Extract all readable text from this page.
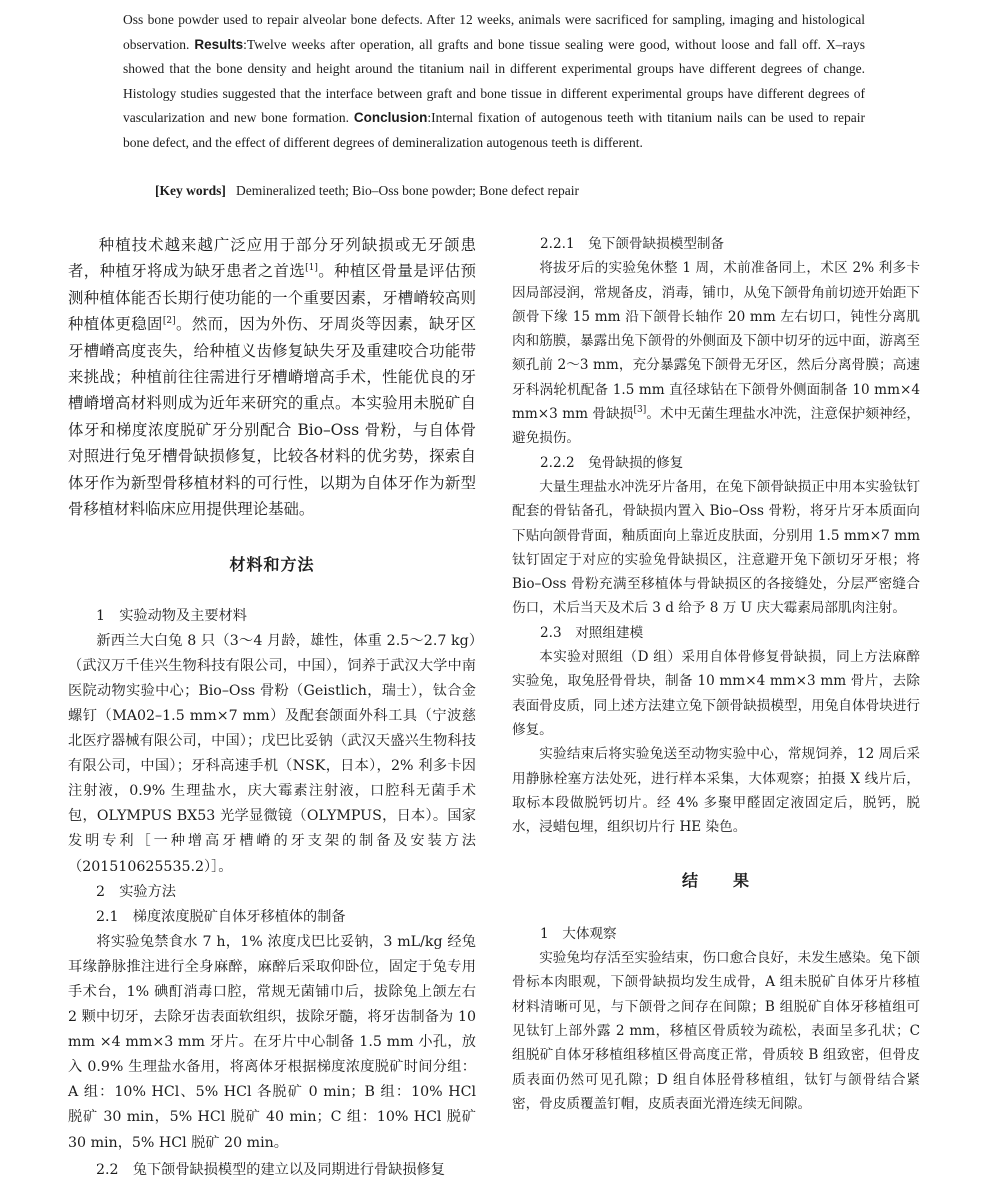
Oss bone powder used to repair alveolar bone defects. After 12 weeks, animals were sacrificed for sampling, imaging and histological observation. Results:Twelve weeks after operation, all grafts and bone tissue sealing were good, without loose and fall off. X–rays showed that the bone density and height around the titanium nail in different experimental groups have different degrees of change. Histology studies suggested that the interface between graft and bone tissue in different experimental groups have different degrees of vascularization and new bone formation. Conclusion:Internal fixation of autogenous teeth with titanium nails can be used to repair bone defect, and the effect of different degrees of demineralization autogenous teeth is different.
[Key words] Demineralized teeth; Bio–Oss bone powder; Bone defect repair

种植技术越来越广泛应用于部分牙列缺损或无牙颌患者，种植牙将成为缺牙患者之首选[1]。种植区骨量是评估预测种植体能否长期行使功能的一个重要因素，牙槽嵴较高则种植体更稳固[2]。然而，因为外伤、牙周炎等因素，缺牙区牙槽嵴高度丧失，给种植义齿修复缺失牙及重建咬合功能带来挑战；种植前往往需进行牙槽嵴增高手术，性能优良的牙槽嵴增高材料则成为近年来研究的重点。本实验用未脱矿自体牙和梯度浓度脱矿牙分别配合 Bio–Oss 骨粉，与自体骨对照进行兔牙槽骨缺损修复，比较各材料的优劣势，探索自体牙作为新型骨移植材料的可行性，以期为自体牙作为新型骨移植材料临床应用提供理论基础。

材料和方法

1　实验动物及主要材料

新西兰大白兔 8 只（3～4 月龄，雄性，体重 2.5～2.7 kg）（武汉万千佳兴生物科技有限公司，中国），饲养于武汉大学中南医院动物实验中心；Bio–Oss 骨粉（Geistlich，瑞士），钛合金螺钉（MA02–1.5 mm×7 mm）及配套颌面外科工具（宁波慈北医疗器械有限公司，中国）；戊巴比妥钠（武汉天盛兴生物科技有限公司，中国）；牙科高速手机（NSK，日本），2% 利多卡因注射液，0.9% 生理盐水，庆大霉素注射液，口腔科无菌手术包，OLYMPUS BX53 光学显微镜（OLYMPUS，日本）。国家发明专利［一种增高牙槽嵴的牙支架的制备及安装方法（201510625535.2）］。

2　实验方法

2.1　梯度浓度脱矿自体牙移植体的制备

将实验兔禁食水 7 h，1% 浓度戊巴比妥钠，3 mL/kg 经兔耳缘静脉推注进行全身麻醉，麻醉后采取仰卧位，固定于兔专用手术台，1% 碘酊消毒口腔，常规无菌铺巾后，拔除兔上颌左右 2 颗中切牙，去除牙齿表面软组织，拔除牙髓，将牙齿制备为 10 mm ×4 mm×3 mm 牙片。在牙片中心制备 1.5 mm 小孔，放入 0.9% 生理盐水备用，将离体牙根据梯度浓度脱矿时间分组：A 组：10% HCl、5% HCl 各脱矿 0 min；B 组：10% HCl 脱矿 30 min，5% HCl 脱矿 40 min；C 组：10% HCl 脱矿 30 min，5% HCl 脱矿 20 min。

2.2　兔下颌骨缺损模型的建立以及同期进行骨缺损修复

2.2.1　兔下颌骨缺损模型制备

将拔牙后的实验兔休整 1 周，术前准备同上，术区 2% 利多卡因局部浸润，常规备皮，消毒，铺巾，从兔下颌骨角前切迹开始距下颌骨下缘 15 mm 沿下颌骨长轴作 20 mm 左右切口，钝性分离肌肉和筋膜，暴露出兔下颌骨的外侧面及下颌中切牙的远中面，游离至颏孔前 2～3 mm，充分暴露兔下颌骨无牙区，然后分离骨膜；高速牙科涡轮机配备 1.5 mm 直径球钻在下颌骨外侧面制备 10 mm×4 mm×3 mm 骨缺损[3]。术中无菌生理盐水冲洗，注意保护颏神经，避免损伤。

2.2.2　兔骨缺损的修复

大量生理盐水冲洗牙片备用，在兔下颌骨缺损正中用本实验钛钉配套的骨钻备孔，骨缺损内置入 Bio–Oss 骨粉，将牙片牙本质面向下贴向颌骨背面，釉质面向上靠近皮肤面，分别用 1.5 mm×7 mm 钛钉固定于对应的实验兔骨缺损区，注意避开兔下颌切牙牙根；将 Bio–Oss 骨粉充满至移植体与骨缺损区的各接缝处，分层严密缝合伤口，术后当天及术后 3 d 给予 8 万 U 庆大霉素局部肌肉注射。

2.3　对照组建模

本实验对照组（D 组）采用自体骨修复骨缺损，同上方法麻醉实验兔，取兔胫骨骨块，制备 10 mm×4 mm×3 mm 骨片，去除表面骨皮质，同上述方法建立兔下颌骨缺损模型，用兔自体骨块进行修复。

实验结束后将实验兔送至动物实验中心，常规饲养，12 周后采用静脉栓塞方法处死，进行样本采集，大体观察；拍摄 X 线片后，取标本段做脱钙切片。经 4% 多聚甲醛固定液固定后，脱钙，脱水，浸蜡包埋，组织切片行 HE 染色。

结　　果

1　大体观察

实验兔均存活至实验结束，伤口愈合良好，未发生感染。兔下颌骨标本肉眼观，下颌骨缺损均发生成骨，A 组未脱矿自体牙片移植材料清晰可见，与下颌骨之间存在间隙；B 组脱矿自体牙移植组可见钛钉上部外露 2 mm，移植区骨质较为疏松，表面呈多孔状；C 组脱矿自体牙移植组移植区骨高度正常，骨质较 B 组致密，但骨皮质表面仍然可见孔隙；D 组自体胫骨移植组，钛钉与颌骨结合紧密，骨皮质覆盖钉帽，皮质表面光滑连续无间隙。
